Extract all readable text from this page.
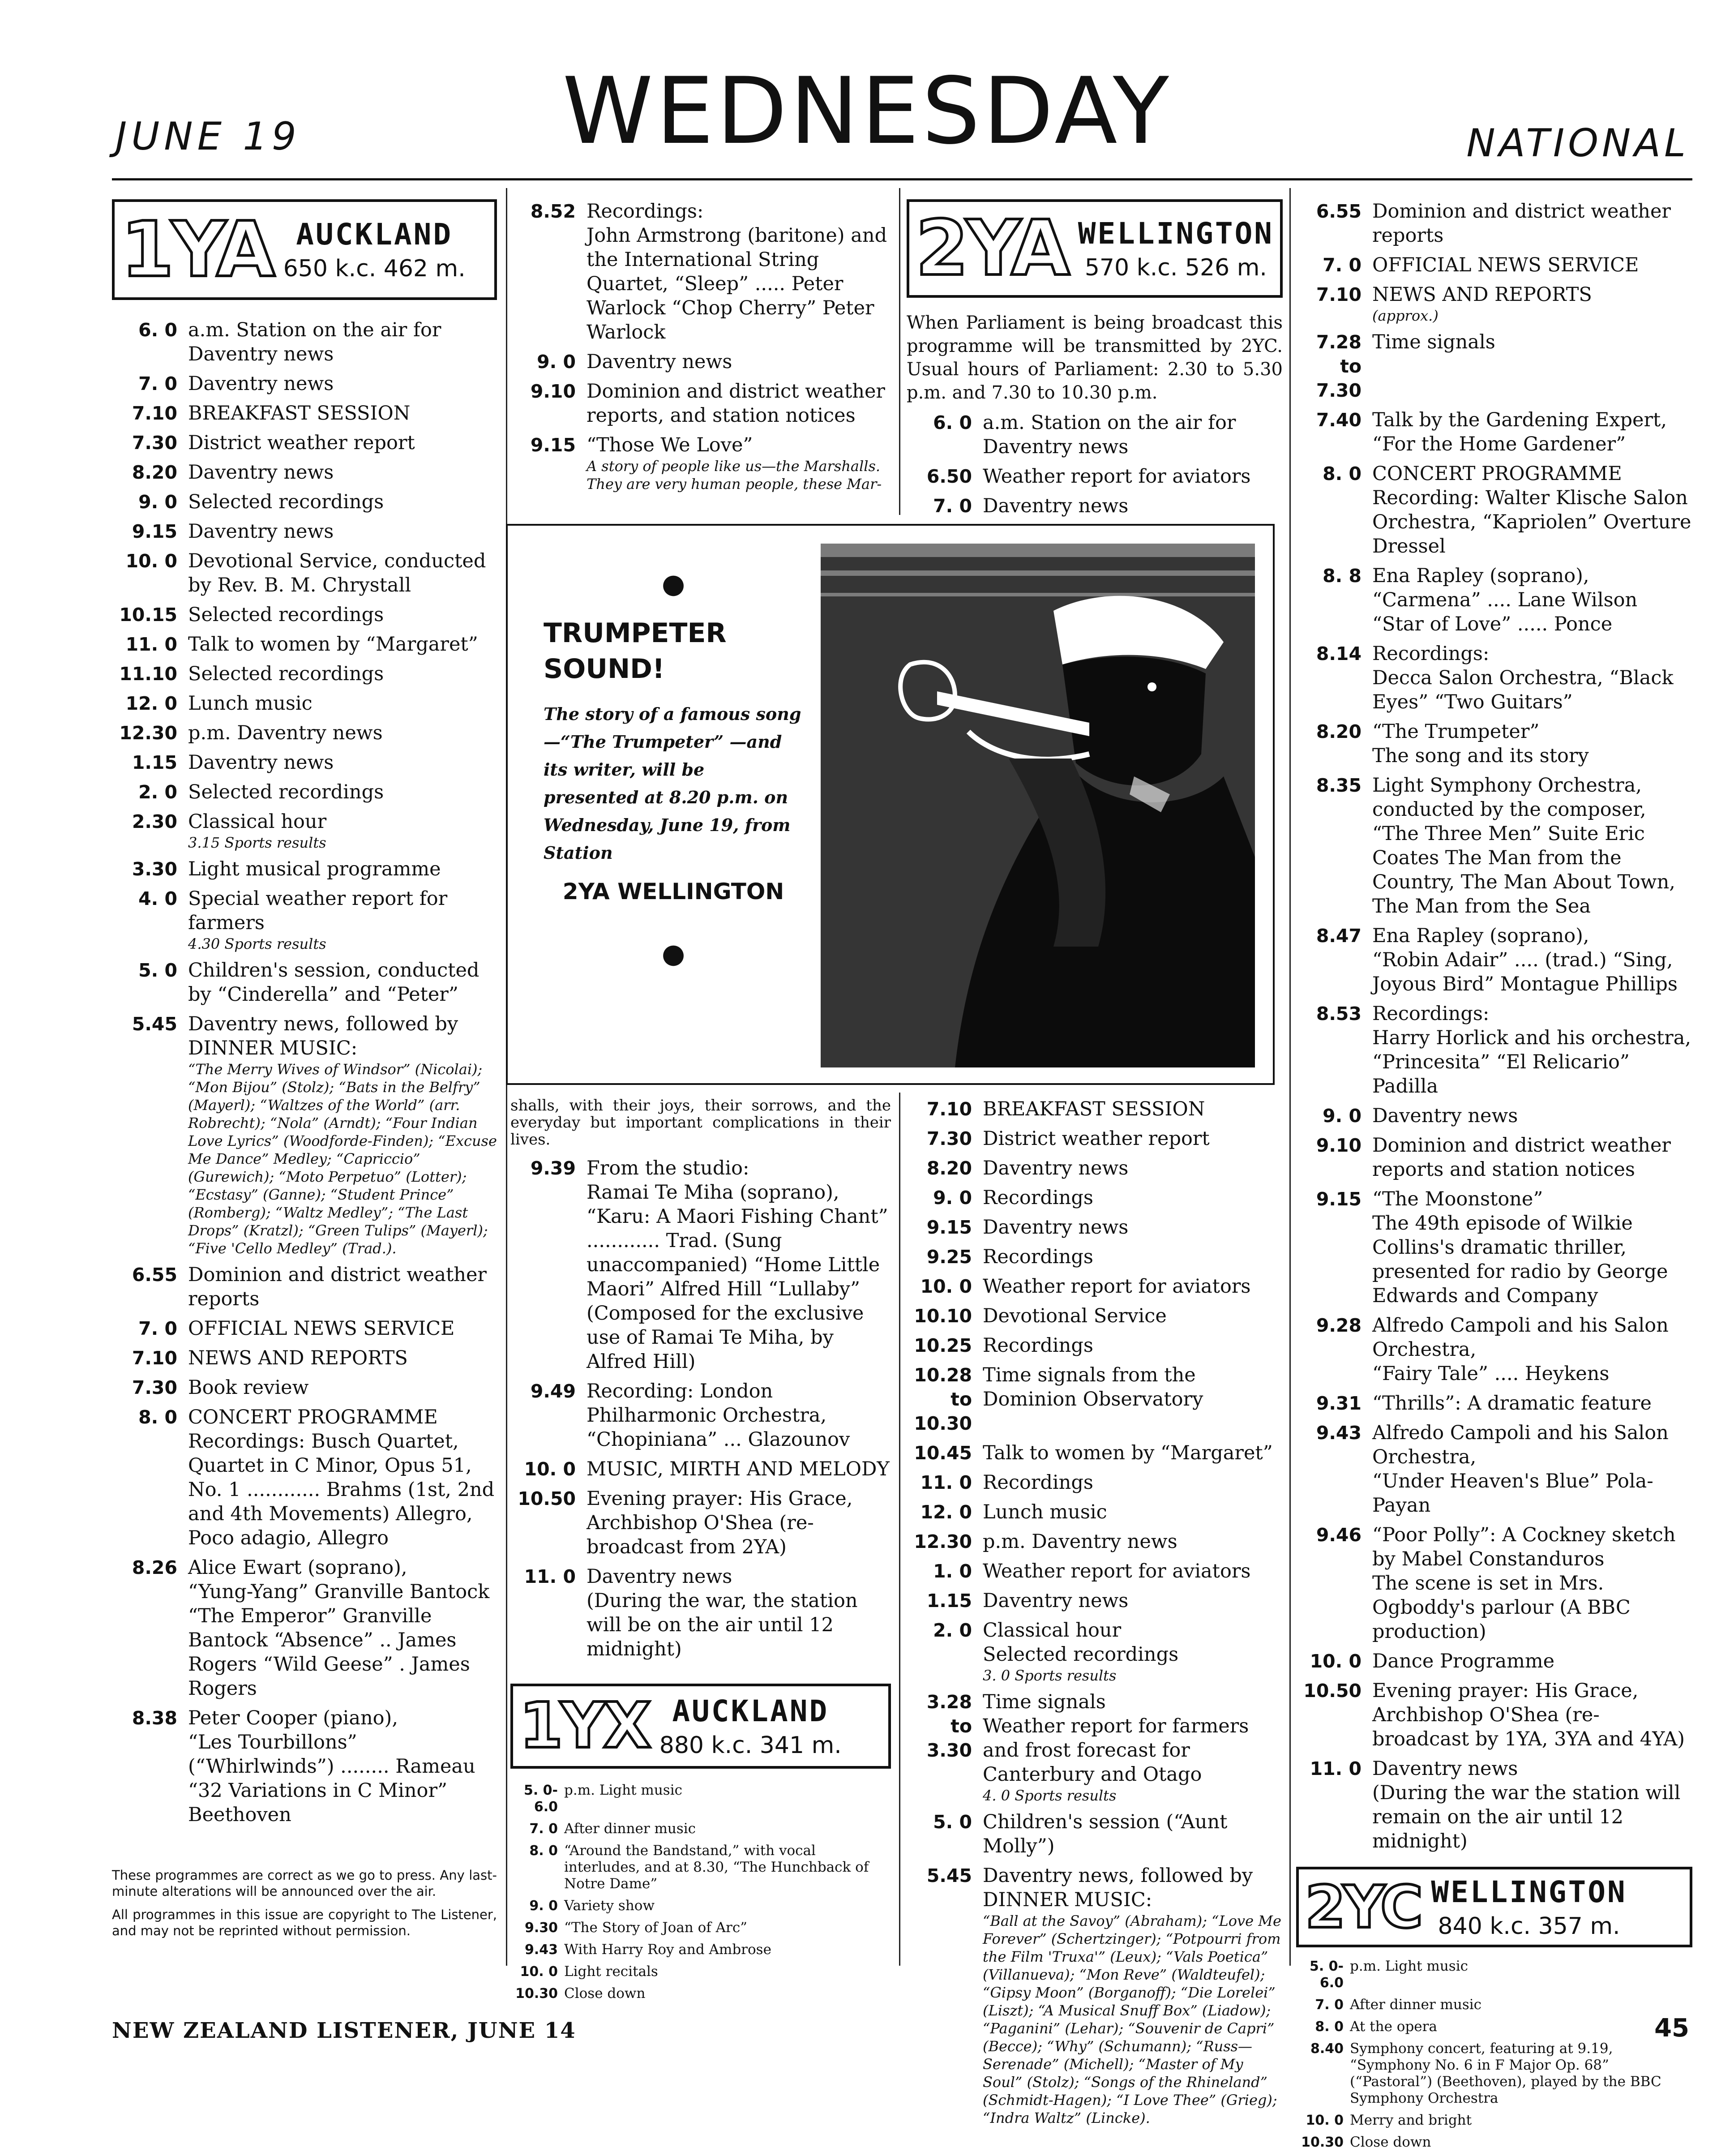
JUNE 19	WEDNESDAY	NATIONAL
1YA AUCKLAND
650 k.c. 462 m.
6. 0 a.m. Station on the air for Daventry news
7. 0 Daventry news
7.10 BREAKFAST SESSION
7.30 District weather report
8.20 Daventry news
9. 0 Selected recordings
9.15 Daventry news
10. 0 Devotional Service, conducted by Rev. B. M. Chrystall
10.15 Selected recordings
11. 0 Talk to women by “Margaret”
11.10 Selected recordings
12. 0 Lunch music
12.30 p.m. Daventry news
1.15 Daventry news
2. 0 Selected recordings
2.30 Classical hour
3.15 Sports results
3.30 Light musical programme
4. 0 Special weather report for farmers
4.30 Sports results
5. 0 Children's session, conducted by “Cinderella” and “Peter”
5.45 Daventry news, followed by DINNER MUSIC:
“The Merry Wives of Windsor” (Nicolai); “Mon Bijou” (Stolz); “Bats in the Belfry” (Mayerl); “Waltzes of the World” (arr. Robrecht); “Nola” (Arndt); “Four Indian Love Lyrics” (Woodforde-Finden); “Excuse Me Dance” Medley; “Capriccio” (Gurewich); “Moto Perpetuo” (Lotter); “Ecstasy” (Ganne); “Student Prince” (Romberg); “Waltz Medley”; “The Last Drops” (Kratzl); “Green Tulips” (Mayerl); “Five 'Cello Medley” (Trad.).
6.55 Dominion and district weather reports
7. 0 OFFICIAL NEWS SERVICE
7.10 NEWS AND REPORTS
7.30 Book review
8. 0 CONCERT PROGRAMME
Recordings: Busch Quartet, Quartet in C Minor, Opus 51, No. 1 ............ Brahms (1st, 2nd and 4th Movements) Allegro, Poco adagio, Allegro
8.26 Alice Ewart (soprano),
“Yung-Yang” Granville Bantock “The Emperor” Granville Bantock “Absence” .. James Rogers “Wild Geese” . James Rogers
8.38 Peter Cooper (piano),
“Les Tourbillons” (“Whirlwinds”) ........ Rameau “32 Variations in C Minor” Beethoven

These programmes are correct as we go to press. Any last-minute alterations will be announced over the air.

All programmes in this issue are copyright to The Listener, and may not be reprinted without permission.

8.52 Recordings:
John Armstrong (baritone) and the International String Quartet, “Sleep” ..... Peter Warlock “Chop Cherry” Peter Warlock
9. 0 Daventry news
9.10 Dominion and district weather reports, and station notices
9.15 “Those We Love”
A story of people like us—the Marshalls. They are very human people, these Mar-
●
TRUMPETER
SOUND!
The story of a famous song—“The Trumpeter” —and its writer, will be presented at 8.20 p.m. on Wednesday, June 19, from Station
2YA WELLINGTON
●
shalls, with their joys, their sorrows, and the everyday but important complications in their lives.
9.39 From the studio:
Ramai Te Miha (soprano), “Karu: A Maori Fishing Chant” ............ Trad. (Sung unaccompanied) “Home Little Maori” Alfred Hill “Lullaby” (Composed for the exclusive use of Ramai Te Miha, by Alfred Hill)
9.49 Recording: London Philharmonic Orchestra,
“Chopiniana” ... Glazounov
10. 0 MUSIC, MIRTH AND MELODY
10.50 Evening prayer: His Grace, Archbishop O'Shea (re-broadcast from 2YA)
11. 0 Daventry news
(During the war, the station will be on the air until 12 midnight)
1YX AUCKLAND
880 k.c. 341 m.
5. 0-6.0
p.m. Light music
7. 0 After dinner music
8. 0 “Around the Bandstand,” with vocal interludes, and at 8.30, “The Hunchback of Notre Dame”
9. 0 Variety show
9.30 “The Story of Joan of Arc”
9.43 With Harry Roy and Ambrose
10. 0 Light recitals
10.30 Close down
2YA WELLINGTON
570 k.c. 526 m.
When Parliament is being broadcast this programme will be transmitted by 2YC. Usual hours of Parliament: 2.30 to 5.30 p.m. and 7.30 to 10.30 p.m.
6. 0 a.m. Station on the air for Daventry news
6.50 Weather report for aviators
7. 0 Daventry news
7.10 BREAKFAST SESSION
7.30 District weather report
8.20 Daventry news
9. 0 Recordings
9.15 Daventry news
9.25 Recordings
10. 0 Weather report for aviators
10.10 Devotional Service
10.25 Recordings
10.28 to 10.30
Time signals from the Dominion Observatory
10.45 Talk to women by “Margaret”
11. 0 Recordings
12. 0 Lunch music
12.30 p.m. Daventry news
1. 0 Weather report for aviators
1.15 Daventry news
2. 0 Classical hour
Selected recordings
3. 0 Sports results
3.28 to 3.30
Time signals
Weather report for farmers and frost forecast for Canterbury and Otago
4. 0 Sports results
5. 0 Children's session (“Aunt Molly”)
5.45 Daventry news, followed by DINNER MUSIC:
“Ball at the Savoy” (Abraham); “Love Me Forever” (Schertzinger); “Potpourri from the Film 'Truxa'” (Leux); “Vals Poetica” (Villanueva); “Mon Reve” (Waldteufel); “Gipsy Moon” (Borganoff); “Die Lorelei” (Liszt); “A Musical Snuff Box” (Liadow); “Paganini” (Lehar); “Souvenir de Capri” (Becce); “Why” (Schumann); “Russ—Serenade” (Michell); “Master of My Soul” (Stolz); “Songs of the Rhineland” (Schmidt-Hagen); “I Love Thee” (Grieg); “Indra Waltz” (Lincke).
6.55 Dominion and district weather reports
7. 0 OFFICIAL NEWS SERVICE
7.10 NEWS AND REPORTS
(approx.)
7.28 to 7.30
Time signals
7.40 Talk by the Gardening Expert, “For the Home Gardener”
8. 0 CONCERT PROGRAMME
Recording: Walter Klische Salon Orchestra, “Kapriolen” Overture Dressel
8. 8 Ena Rapley (soprano),
“Carmena” .... Lane Wilson “Star of Love” ..... Ponce
8.14 Recordings:
Decca Salon Orchestra, “Black Eyes” “Two Guitars”
8.20 “The Trumpeter”
The song and its story
8.35 Light Symphony Orchestra, conducted by the composer,
“The Three Men” Suite Eric Coates The Man from the Country, The Man About Town, The Man from the Sea
8.47 Ena Rapley (soprano),
“Robin Adair” .... (trad.) “Sing, Joyous Bird” Montague Phillips
8.53 Recordings:
Harry Horlick and his orchestra, “Princesita” “El Relicario” Padilla
9. 0 Daventry news
9.10 Dominion and district weather reports and station notices
9.15 “The Moonstone”
The 49th episode of Wilkie Collins's dramatic thriller, presented for radio by George Edwards and Company
9.28 Alfredo Campoli and his Salon Orchestra,
“Fairy Tale” .... Heykens
9.31 “Thrills”: A dramatic feature
9.43 Alfredo Campoli and his Salon Orchestra,
“Under Heaven's Blue” Pola-Payan
9.46 “Poor Polly”: A Cockney sketch by Mabel Constanduros
The scene is set in Mrs. Ogboddy's parlour (A BBC production)
10. 0 Dance Programme
10.50 Evening prayer: His Grace, Archbishop O'Shea (re-broadcast by 1YA, 3YA and 4YA)
11. 0 Daventry news
(During the war the station will remain on the air until 12 midnight)
2YC WELLINGTON
840 k.c. 357 m.
5. 0-6.0
p.m. Light music
7. 0 After dinner music
8. 0 At the opera
8.40 Symphony concert, featuring at 9.19, “Symphony No. 6 in F Major Op. 68” (“Pastoral”) (Beethoven), played by the BBC Symphony Orchestra
10. 0 Merry and bright
10.30 Close down
NEW ZEALAND LISTENER, JUNE 14	45
